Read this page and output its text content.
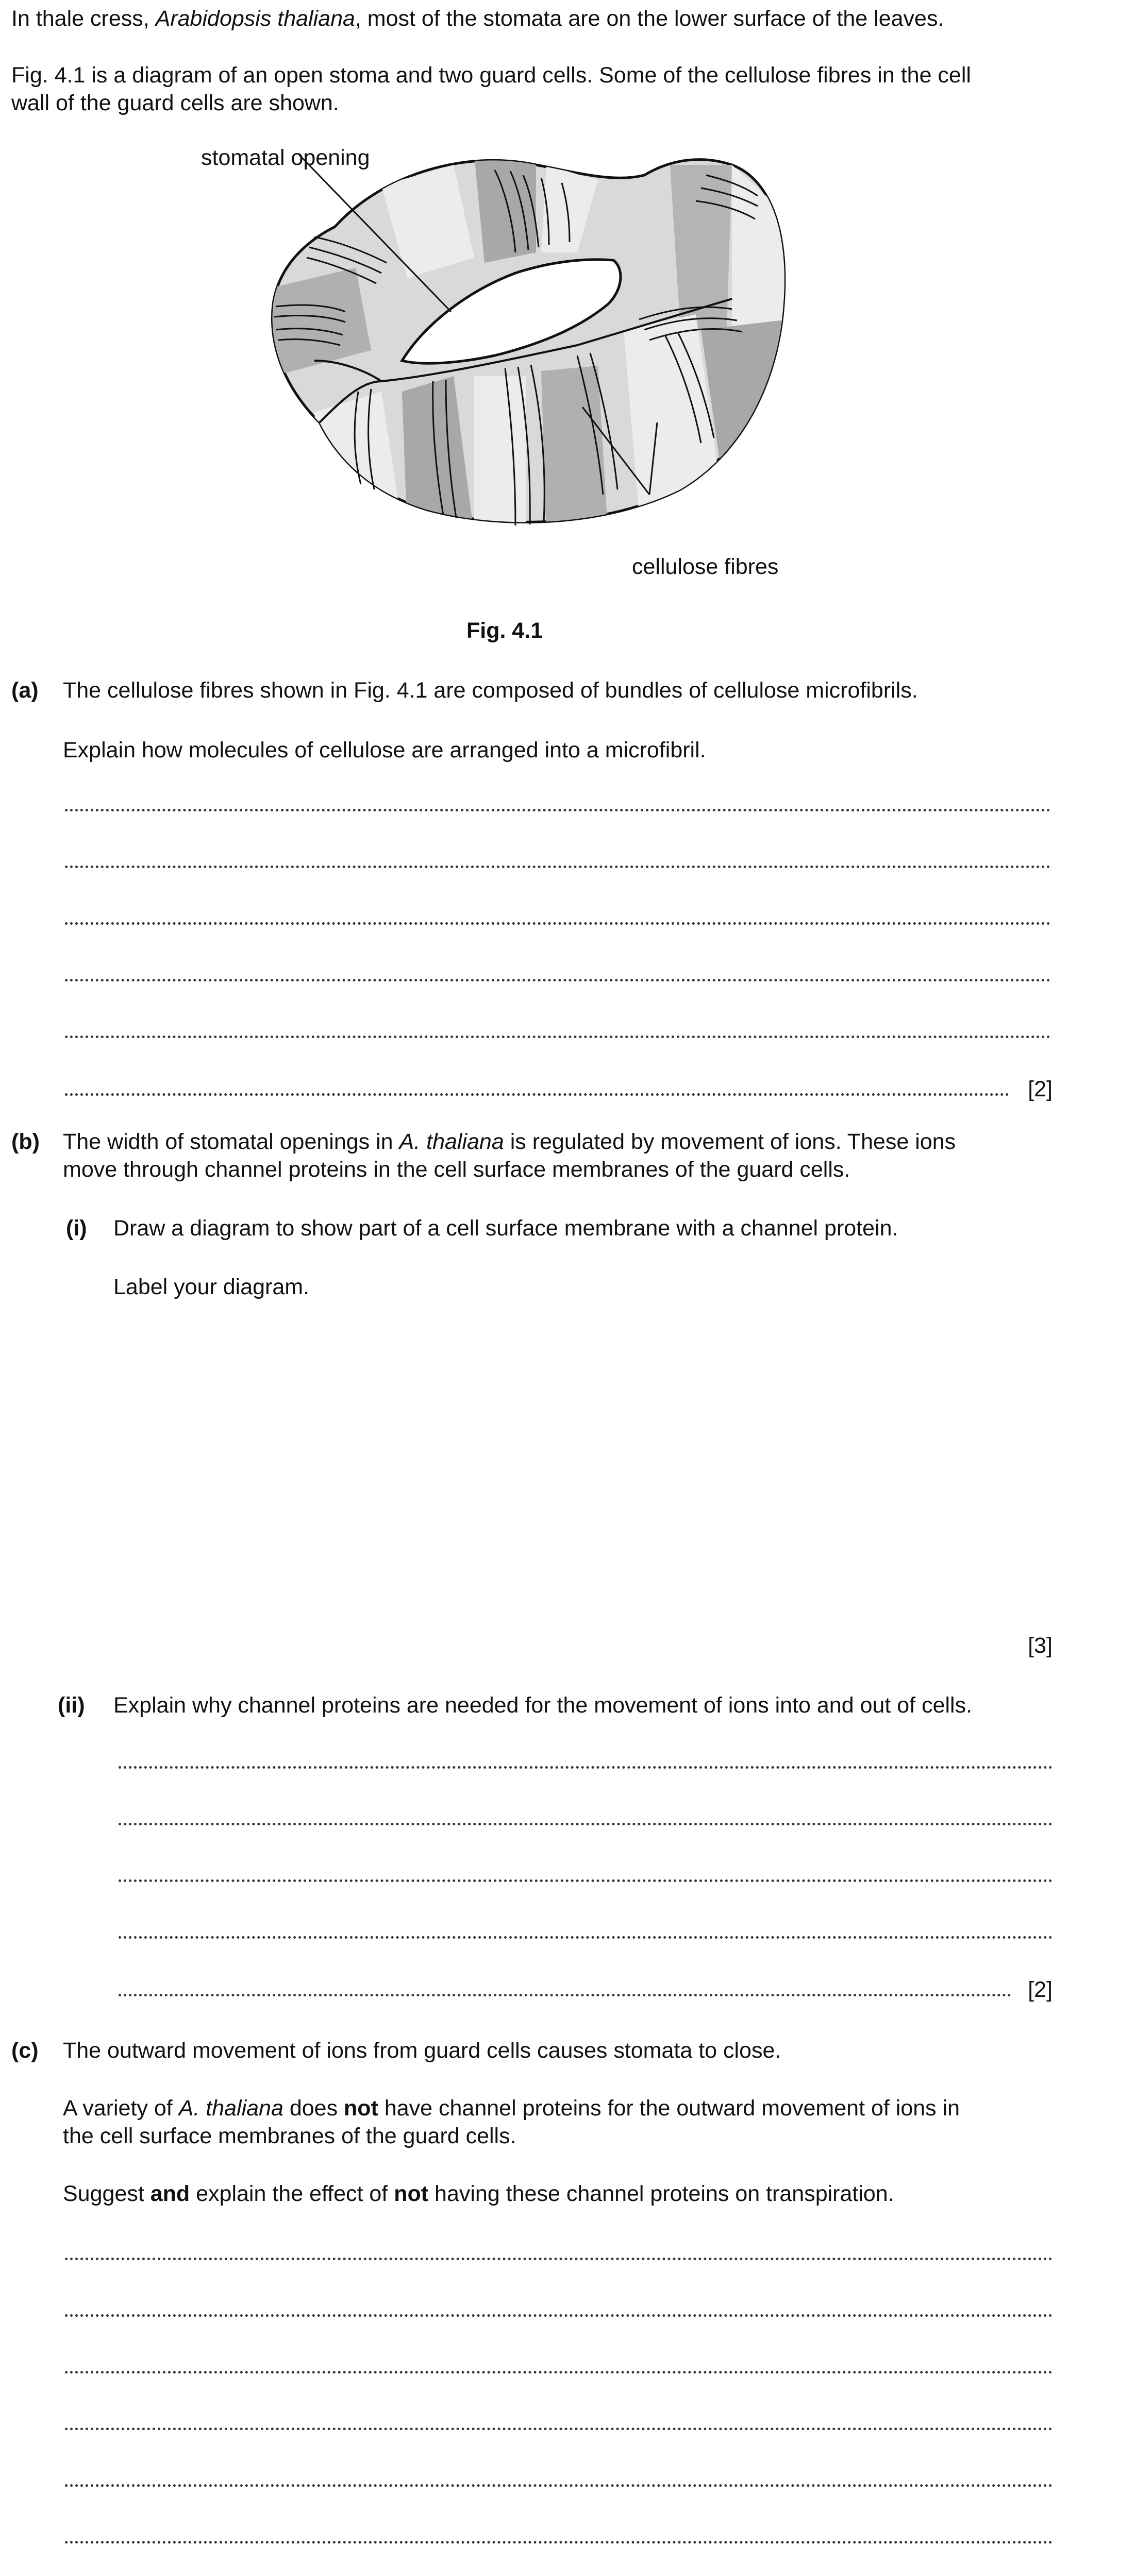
In thale cress, Arabidopsis thaliana, most of the stomata are on the lower surface of the leaves.
Fig. 4.1 is a diagram of an open stoma and two guard cells. Some of the cellulose fibres in the cell
wall of the guard cells are shown.
stomatal opening
cellulose fibres
Fig. 4.1
(a) The cellulose fibres shown in Fig. 4.1 are composed of bundles of cellulose microfibrils.
Explain how molecules of cellulose are arranged into a microfibril.
[2]
(b) The width of stomatal openings in A. thaliana is regulated by movement of ions. These ions
move through channel proteins in the cell surface membranes of the guard cells.
(i) Draw a diagram to show part of a cell surface membrane with a channel protein.
Label your diagram.
[3]
(ii) Explain why channel proteins are needed for the movement of ions into and out of cells.
[2]
(c) The outward movement of ions from guard cells causes stomata to close.
A variety of A. thaliana does not have channel proteins for the outward movement of ions in
the cell surface membranes of the guard cells.
Suggest and explain the effect of not having these channel proteins on transpiration.
